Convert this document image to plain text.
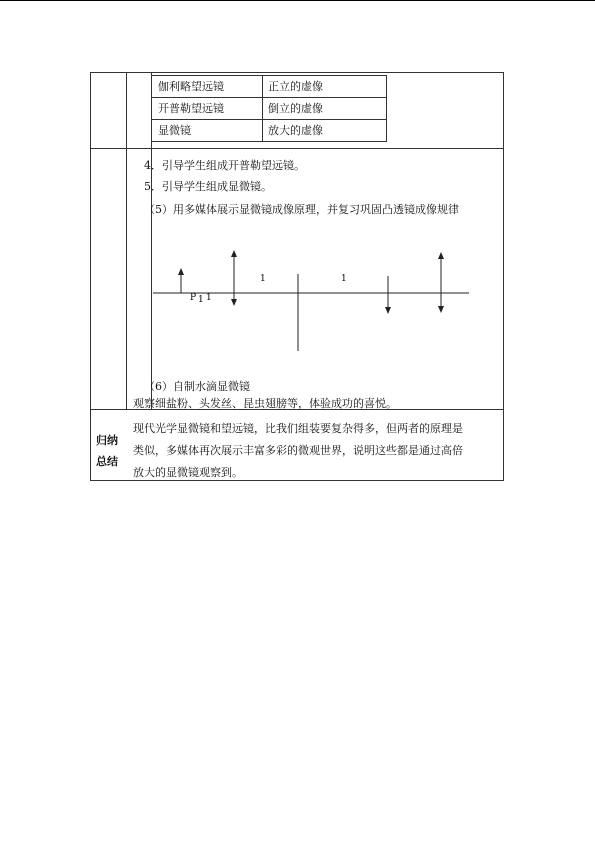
伽利略望远镜	正立的虚像
开普勒望远镜	倒立的虚像
显微镜	放大的虚像
4．引导学生组成开普勒望远镜。
5．引导学生组成显微镜。
（5）用多媒体展示显微镜成像原理，并复习巩固凸透镜成像规律
P 1 1
1	1
（6）自制水滴显微镜
观察细盐粉、头发丝、昆虫翅膀等，体验成功的喜悦。
归纳
总结
现代光学显微镜和望远镜，比我们组装要复杂得多，但两者的原理是
类似，多媒体再次展示丰富多彩的微观世界，说明这些都是通过高倍
放大的显微镜观察到。
